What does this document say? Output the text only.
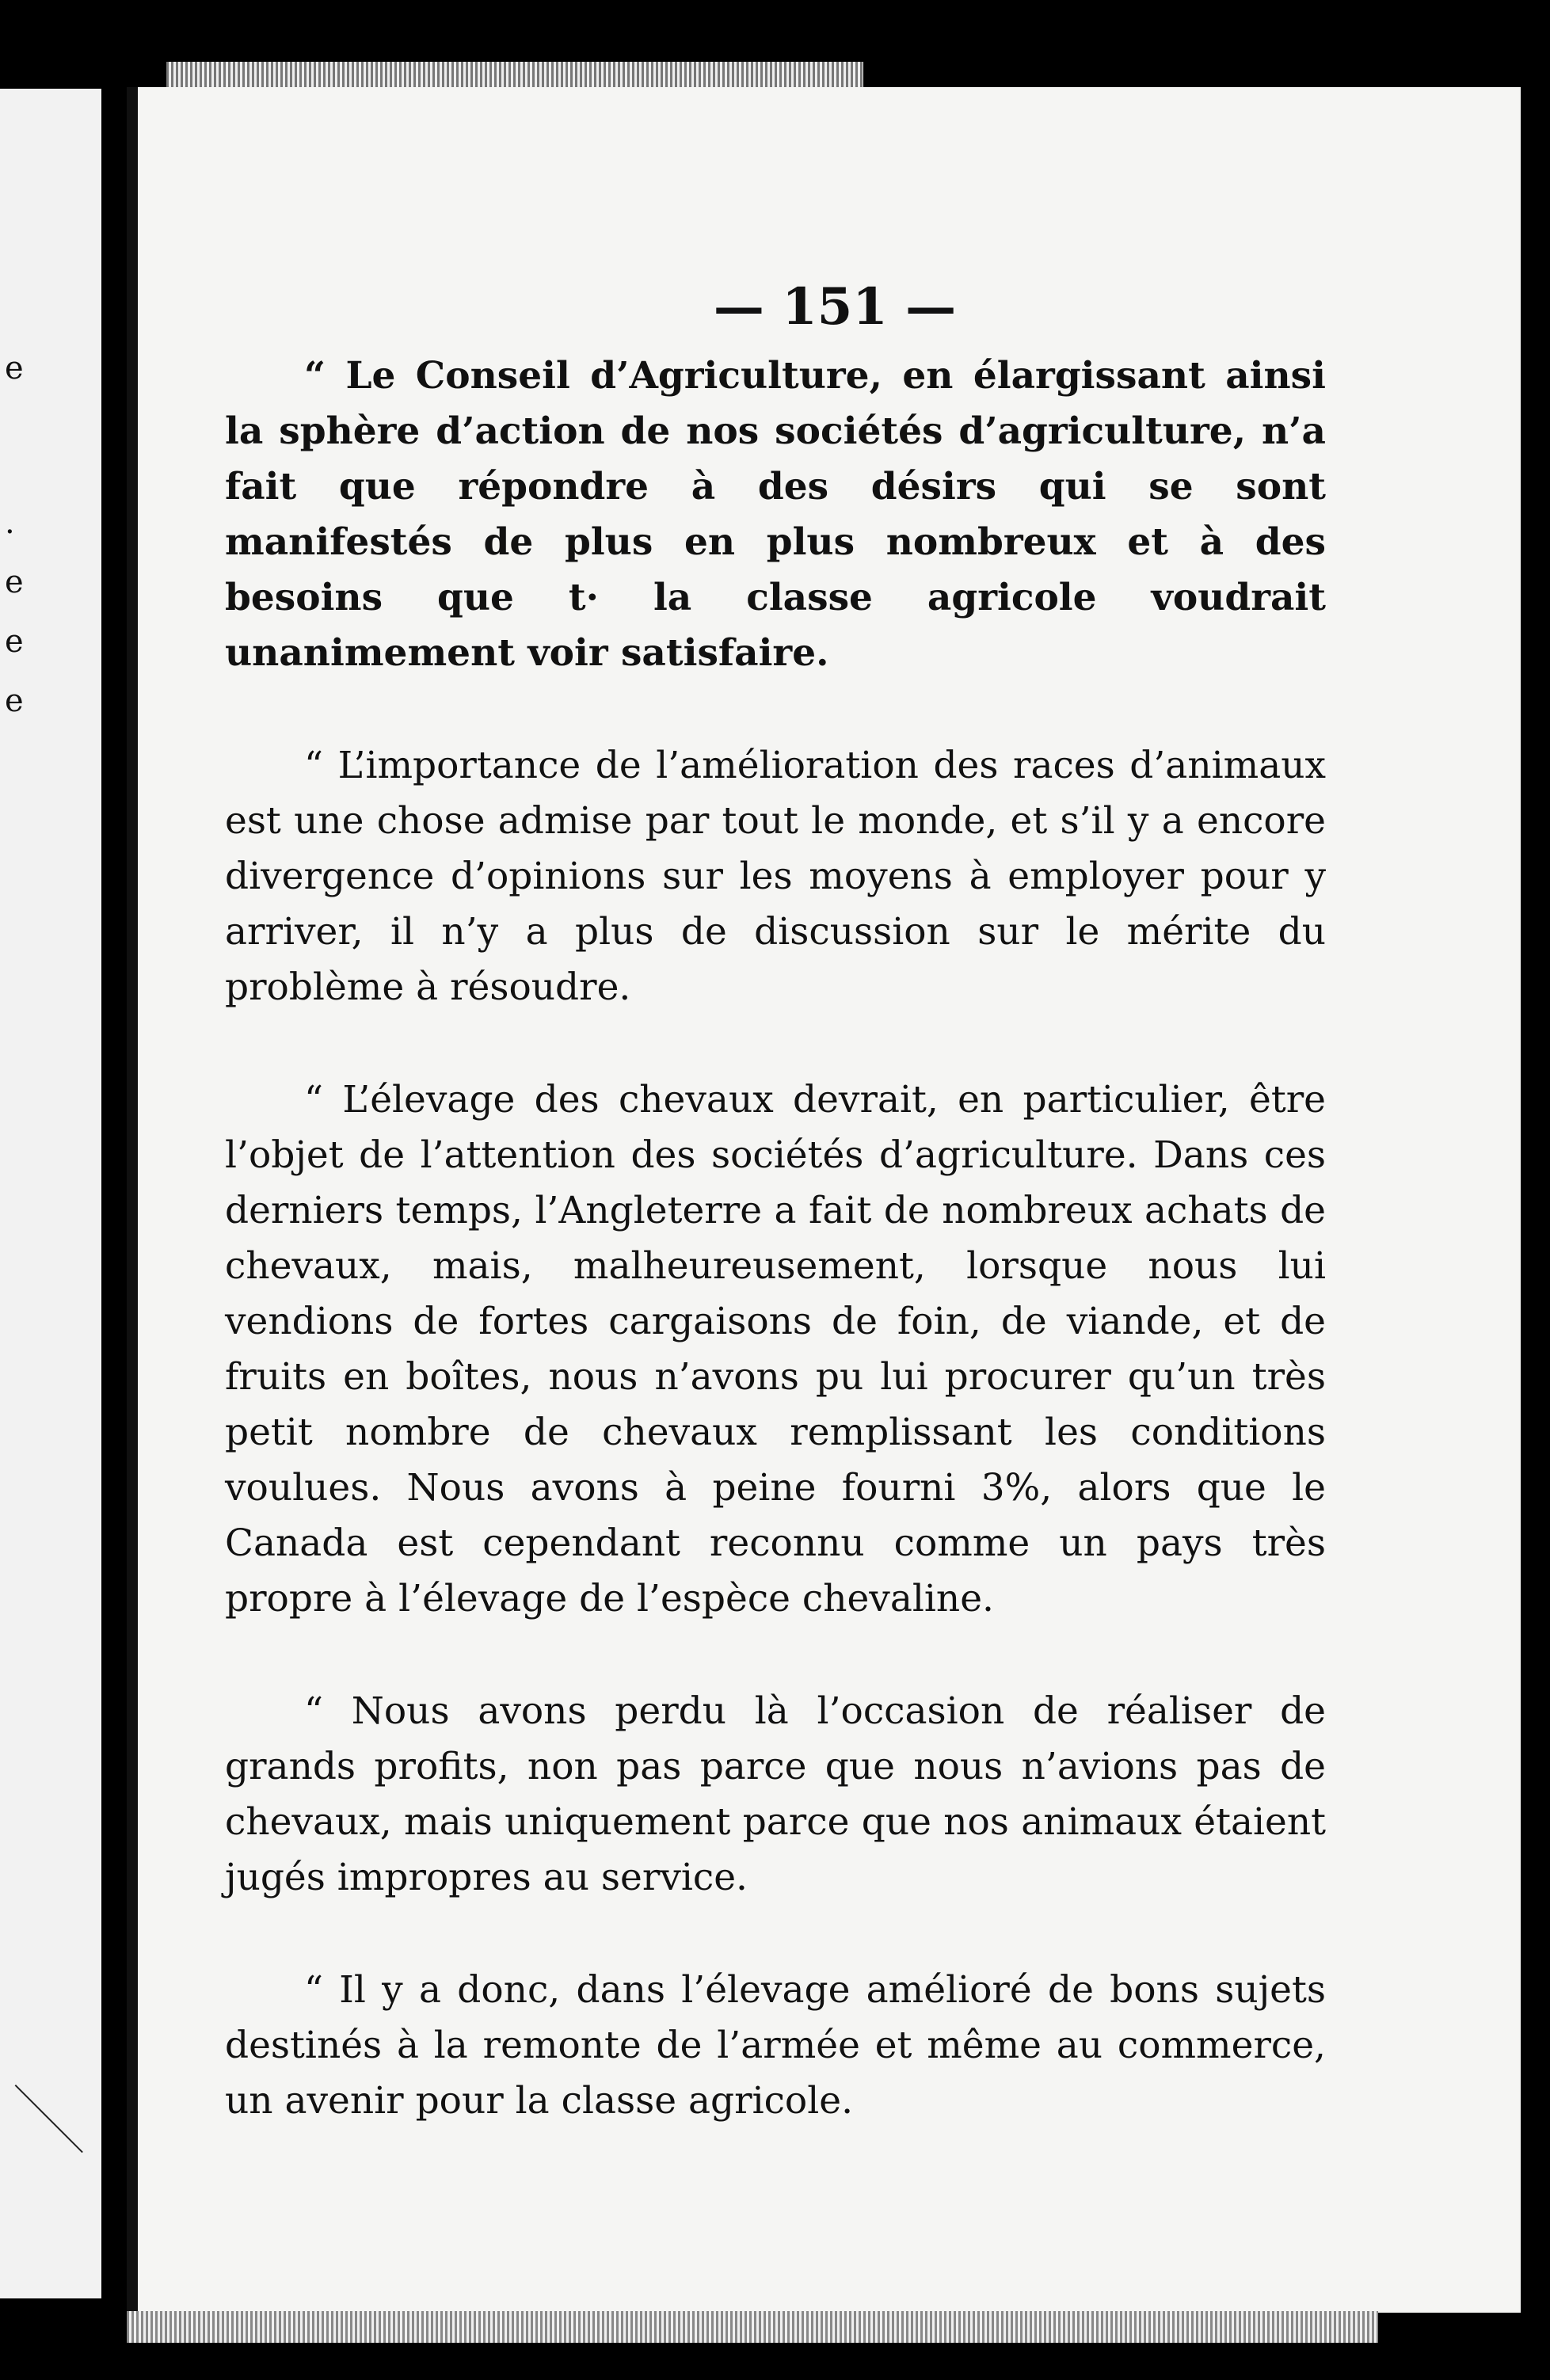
e
.
e
e
e
— 151 —

“ Le Conseil d’Agriculture, en élargissant ainsi la sphère d’action de nos sociétés d’agriculture, n’a fait que répondre à des désirs qui se sont manifestés de plus en plus nombreux et à des besoins que t· la classe agricole voudrait unanimement voir satisfaire.

“ L’importance de l’amélioration des races d’animaux est une chose admise par tout le monde, et s’il y a encore divergence d’opinions sur les moyens à employer pour y arriver, il n’y a plus de discussion sur le mérite du problème à résoudre.

“ L’élevage des chevaux devrait, en particulier, être l’objet de l’attention des sociétés d’agriculture. Dans ces derniers temps, l’Angleterre a fait de nombreux achats de chevaux, mais, malheureusement, lorsque nous lui vendions de fortes cargaisons de foin, de viande, et de fruits en boîtes, nous n’avons pu lui procurer qu’un très petit nombre de chevaux remplissant les conditions voulues. Nous avons à peine fourni 3%, alors que le Canada est cependant reconnu comme un pays très propre à l’élevage de l’espèce chevaline.

“ Nous avons perdu là l’occasion de réaliser de grands profits, non pas parce que nous n’avions pas de chevaux, mais uniquement parce que nos animaux étaient jugés impropres au service.

“ Il y a donc, dans l’élevage amélioré de bons sujets destinés à la remonte de l’armée et même au commerce, un avenir pour la classe agricole.
